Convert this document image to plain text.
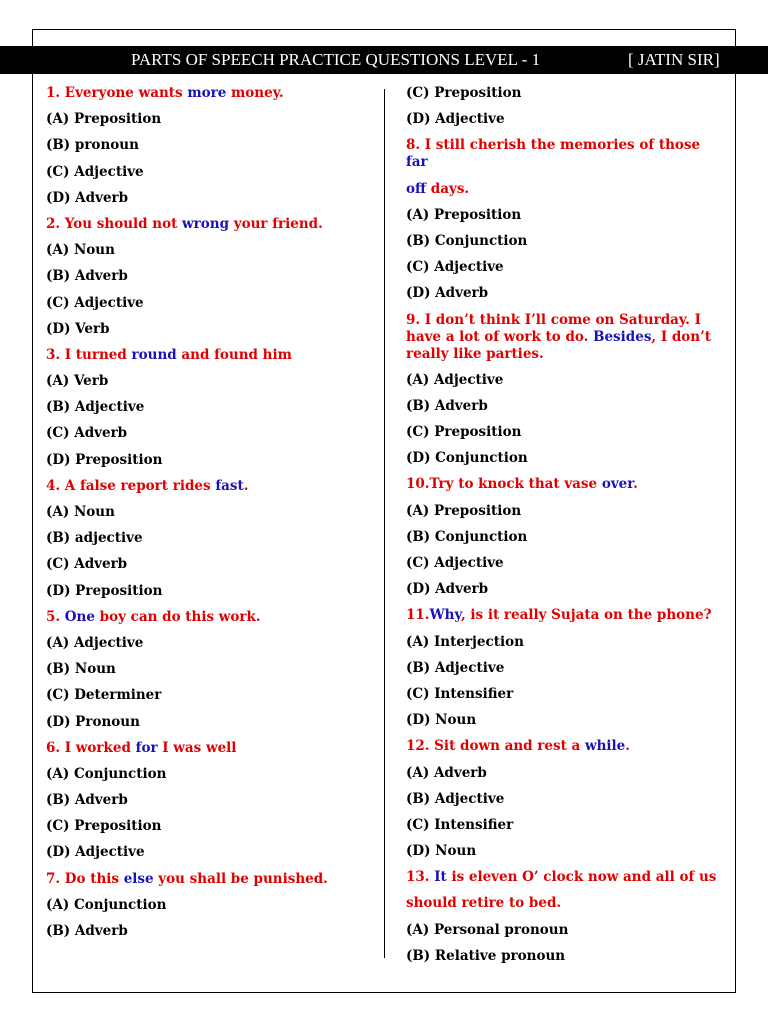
PARTS OF SPEECH PRACTICE QUESTIONS LEVEL - 1	[ JATIN SIR]
1. Everyone wants more money.
(A) Preposition
(B) pronoun
(C) Adjective
(D) Adverb
2. You should not wrong your friend.
(A) Noun
(B) Adverb
(C) Adjective
(D) Verb
3. I turned round and found him
(A) Verb
(B) Adjective
(C) Adverb
(D) Preposition
4. A false report rides fast.
(A) Noun
(B) adjective
(C) Adverb
(D) Preposition
5. One boy can do this work.
(A) Adjective
(B) Noun
(C) Determiner
(D) Pronoun
6. I worked for I was well
(A) Conjunction
(B) Adverb
(C) Preposition
(D) Adjective
7. Do this else you shall be punished.
(A) Conjunction
(B) Adverb
(C) Preposition
(D) Adjective
8. I still cherish the memories of those far
off days.
(A) Preposition
(B) Conjunction
(C) Adjective
(D) Adverb
9. I don’t think I’ll come on Saturday. I
have a lot of work to do. Besides, I don’t
really like parties.
(A) Adjective
(B) Adverb
(C) Preposition
(D) Conjunction
10.Try to knock that vase over.
(A) Preposition
(B) Conjunction
(C) Adjective
(D) Adverb
11.Why, is it really Sujata on the phone?
(A) Interjection
(B) Adjective
(C) Intensifier
(D) Noun
12. Sit down and rest a while.
(A) Adverb
(B) Adjective
(C) Intensifier
(D) Noun
13. It is eleven O’ clock now and all of us
should retire to bed.
(A) Personal pronoun
(B) Relative pronoun
